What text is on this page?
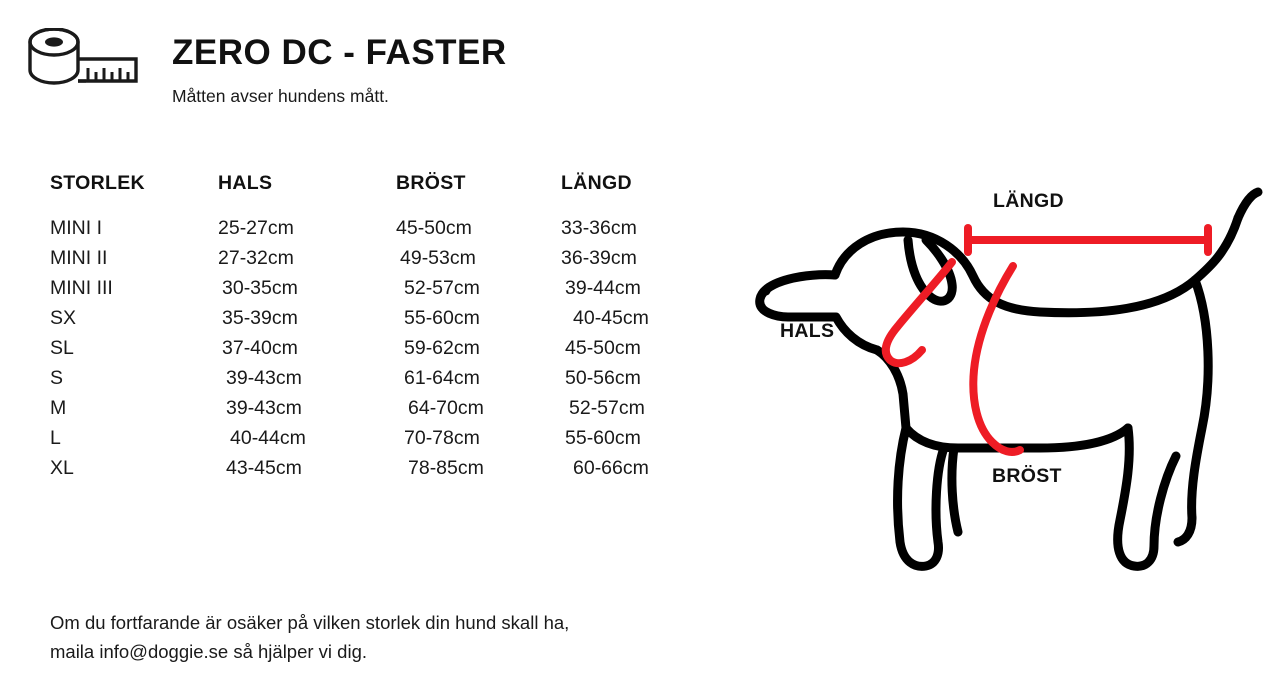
ZERO DC - FASTER

Måtten avser hundens mått.

STORLEK	HALS	BRÖST	LÄNGD
MINI I	25-27cm	45-50cm	33-36cm
MINI II	27-32cm	49-53cm	36-39cm
MINI III	30-35cm	52-57cm	39-44cm
SX	35-39cm	55-60cm	40-45cm
SL	37-40cm	59-62cm	45-50cm
S	39-43cm	61-64cm	50-56cm
M	39-43cm	64-70cm	52-57cm
L	40-44cm	70-78cm	55-60cm
XL	43-45cm	78-85cm	60-66cm
Om du fortfarande är osäker på vilken storlek din hund skall ha,
maila info@doggie.se så hjälper vi dig.
LÄNGD
HALS
BRÖST
